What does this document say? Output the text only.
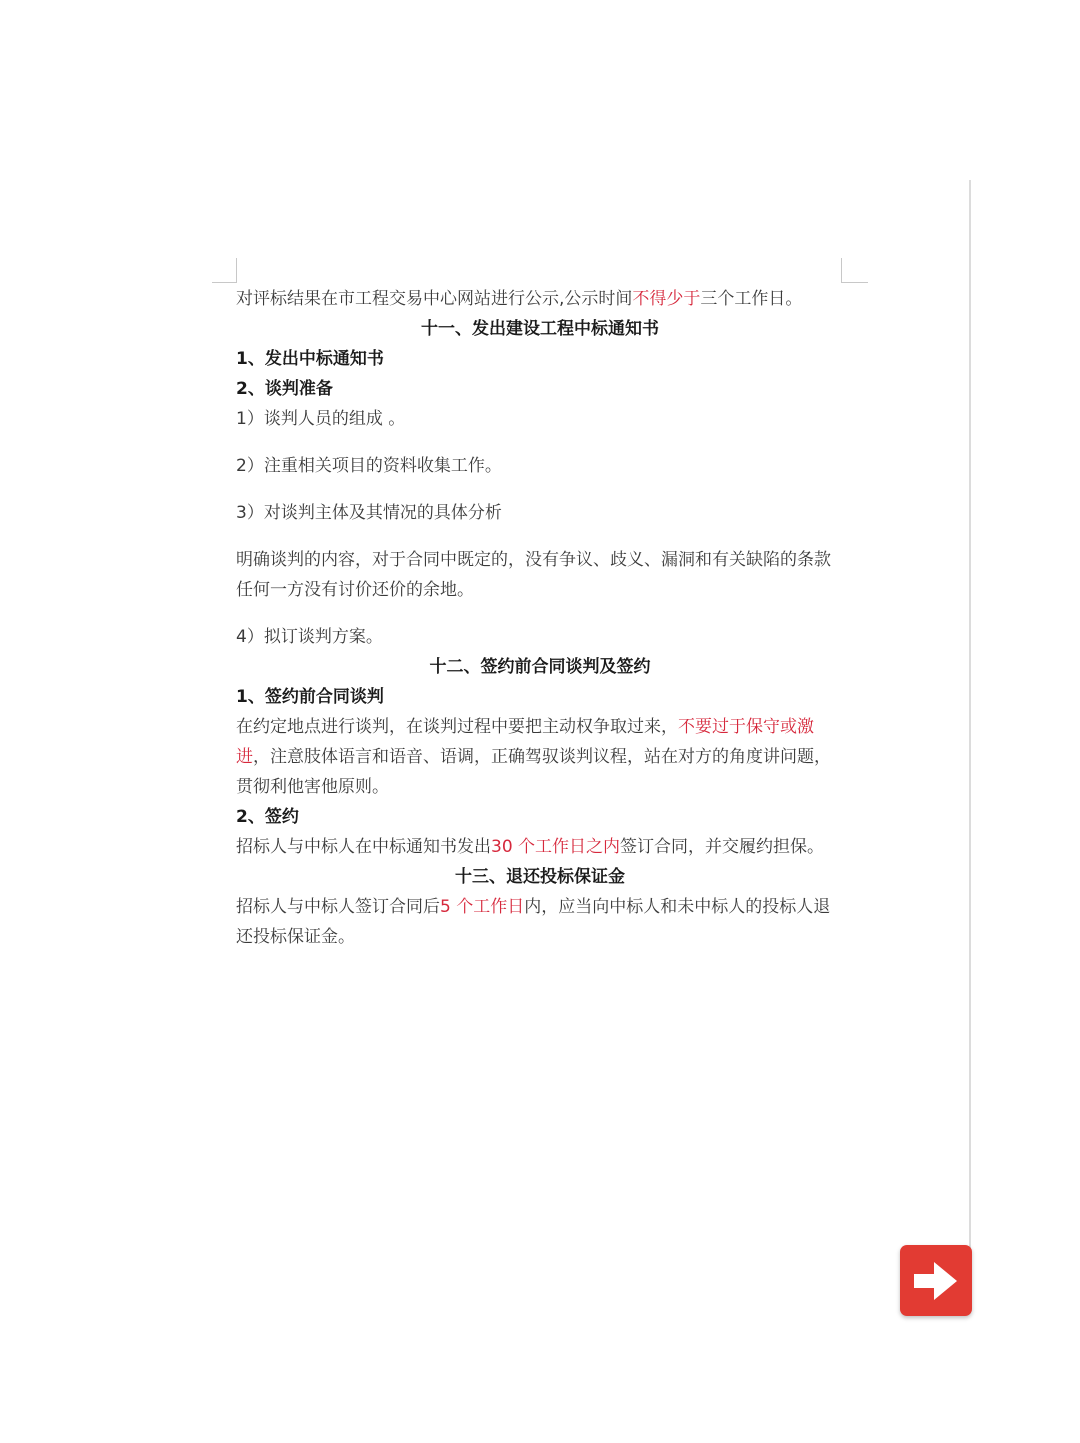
对评标结果在市工程交易中心网站进行公示,公示时间不得少于三个工作日。
十一、发出建设工程中标通知书
1、发出中标通知书
2、谈判准备
1）谈判人员的组成 。
2）注重相关项目的资料收集工作。
3）对谈判主体及其情况的具体分析
明确谈判的内容，对于合同中既定的，没有争议、歧义、漏洞和有关缺陷的条款任何一方没有讨价还价的余地。
4）拟订谈判方案。
十二、签约前合同谈判及签约
1、签约前合同谈判
在约定地点进行谈判，在谈判过程中要把主动权争取过来，不要过于保守或激进，注意肢体语言和语音、语调，正确驾驭谈判议程，站在对方的角度讲问题，贯彻利他害他原则。
2、签约
招标人与中标人在中标通知书发出30 个工作日之内签订合同，并交履约担保。
十三、退还投标保证金
招标人与中标人签订合同后5 个工作日内，应当向中标人和未中标人的投标人退还投标保证金。
